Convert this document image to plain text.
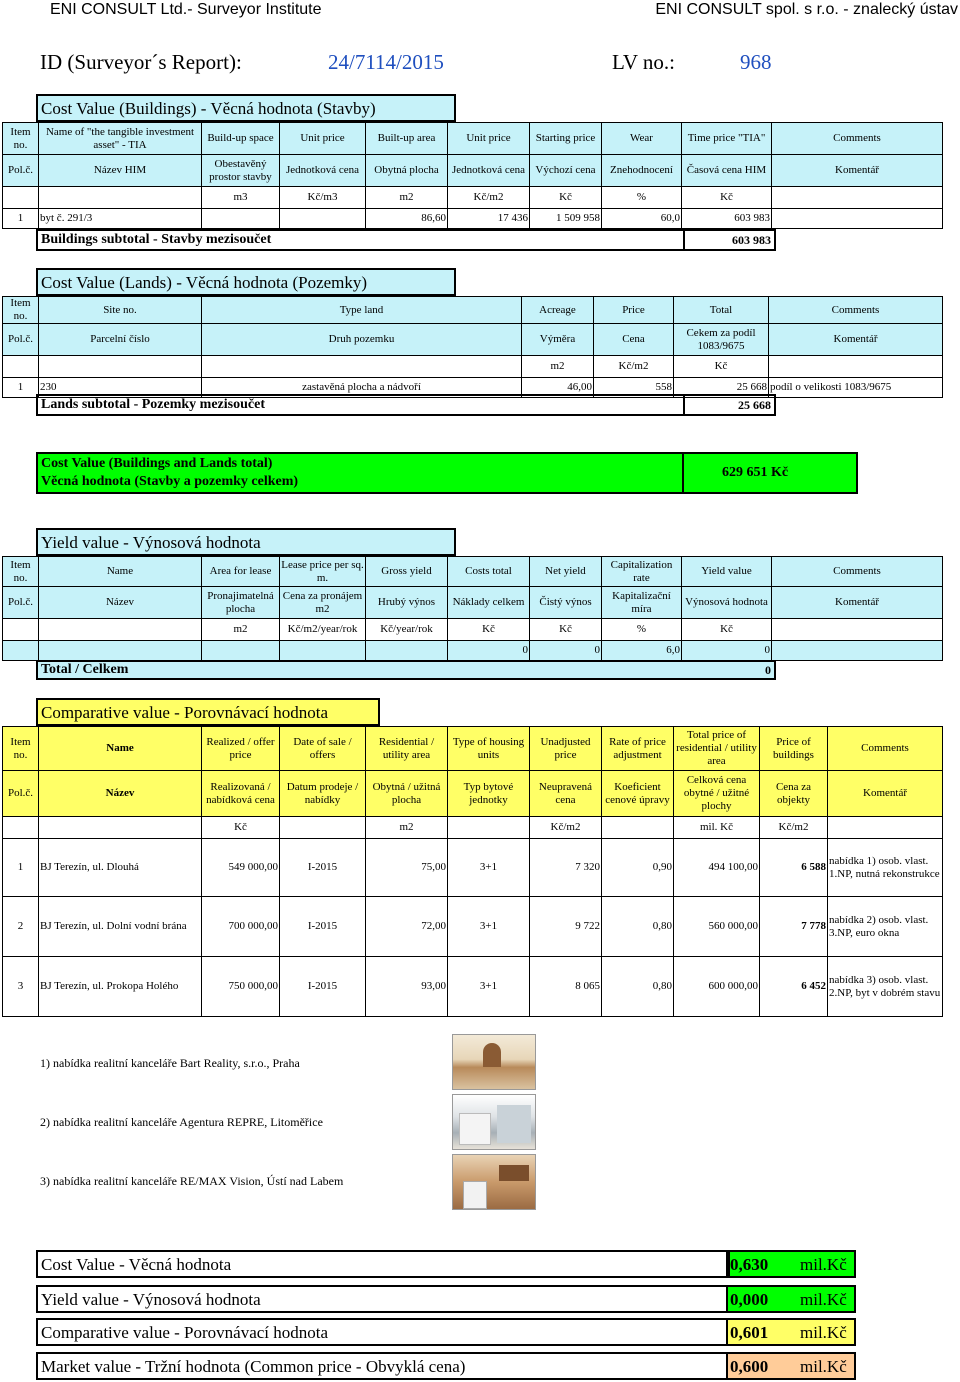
ENI CONSULT Ltd.- Surveyor Institute	ENI CONSULT spol. s r.o. - znalecký ústav
ID (Surveyor´s Report):	24/7114/2015	LV no.:	968
Cost Value (Buildings) - Věcná hodnota (Stavby)
Item no.	Name of "the tangible investment asset" - TIA	Build-up space	Unit price	Built-up area	Unit price	Starting price	Wear	Time price "TIA"	Comments
Pol.č.	Název HIM	Obestavěný prostor stavby	Jednotková cena	Obytná plocha	Jednotková cena	Výchozí cena	Znehodnocení	Časová cena HIM	Komentář
		m3	Kč/m3	m2	Kč/m2	Kč	%	Kč	
1	byt č. 291/3			86,60	17 436	1 509 958	60,0	603 983	
Buildings subtotal - Stavby mezisoučet	603 983
Cost Value (Lands) - Věcná hodnota (Pozemky)
Item no.	Site no.	Type land	Acreage	Price	Total	Comments
Pol.č.	Parcelní číslo	Druh pozemku	Výměra	Cena	Cekem za podíl 1083/9675	Komentář
			m2	Kč/m2	Kč	
1	230	zastavěná plocha a nádvoří	46,00	558	25 668	podíl o velikosti 1083/9675
Lands subtotal - Pozemky mezisoučet	25 668
Cost Value (Buildings and Lands total)
Věcná hodnota (Stavby a pozemky celkem)
629 651 Kč
Yield value - Výnosová hodnota
Item no.	Name	Area for lease	Lease price per sq. m.	Gross yield	Costs total	Net yield	Capitalization rate	Yield value	Comments
Pol.č.	Název	Pronajimatelná plocha	Cena za pronájem m2	Hrubý výnos	Náklady celkem	Čistý výnos	Kapitalizační míra	Výnosová hodnota	Komentář
		m2	Kč/m2/year/rok	Kč/year/rok	Kč	Kč	%	Kč	
					0	0	6,0	0	
Total / Celkem	0
Comparative value - Porovnávací hodnota
Item no.	Name	Realized / offer price	Date of sale / offers	Residential / utility area	Type of housing units	Unadjusted price	Rate of price adjustment	Total price of residential / utility area	Price of buildings	Comments
Pol.č.	Název	Realizovaná / nabídková cena	Datum prodeje / nabídky	Obytná / užitná plocha	Typ bytové jednotky	Neupravená cena	Koeficient cenové úpravy	Celková cena obytné / užitné plochy	Cena za objekty	Komentář
		Kč		m2		Kč/m2		mil. Kč	Kč/m2	
1	BJ Terezín, ul. Dlouhá	549 000,00	I-2015	75,00	3+1	7 320	0,90	494 100,00	6 588	nabídka 1) osob. vlast. 1.NP, nutná rekonstrukce
2	BJ Terezín, ul. Dolní vodní brána	700 000,00	I-2015	72,00	3+1	9 722	0,80	560 000,00	7 778	nabídka 2) osob. vlast. 3.NP, euro okna
3	BJ Terezín, ul. Prokopa Holého	750 000,00	I-2015	93,00	3+1	8 065	0,80	600 000,00	6 452	nabídka 3) osob. vlast. 2.NP, byt v dobrém stavu
1) nabídka realitní kanceláře Bart Reality, s.r.o., Praha
2) nabídka realitní kanceláře Agentura REPRE, Litoměřice
3) nabídka realitní kanceláře RE/MAX Vision, Ústí nad Labem
Cost Value - Věcná hodnota	0,630 mil.Kč
Yield value - Výnosová hodnota	0,000 mil.Kč
Comparative value - Porovnávací hodnota	0,601 mil.Kč
Market value - Tržní hodnota (Common price - Obvyklá cena)	0,600 mil.Kč
